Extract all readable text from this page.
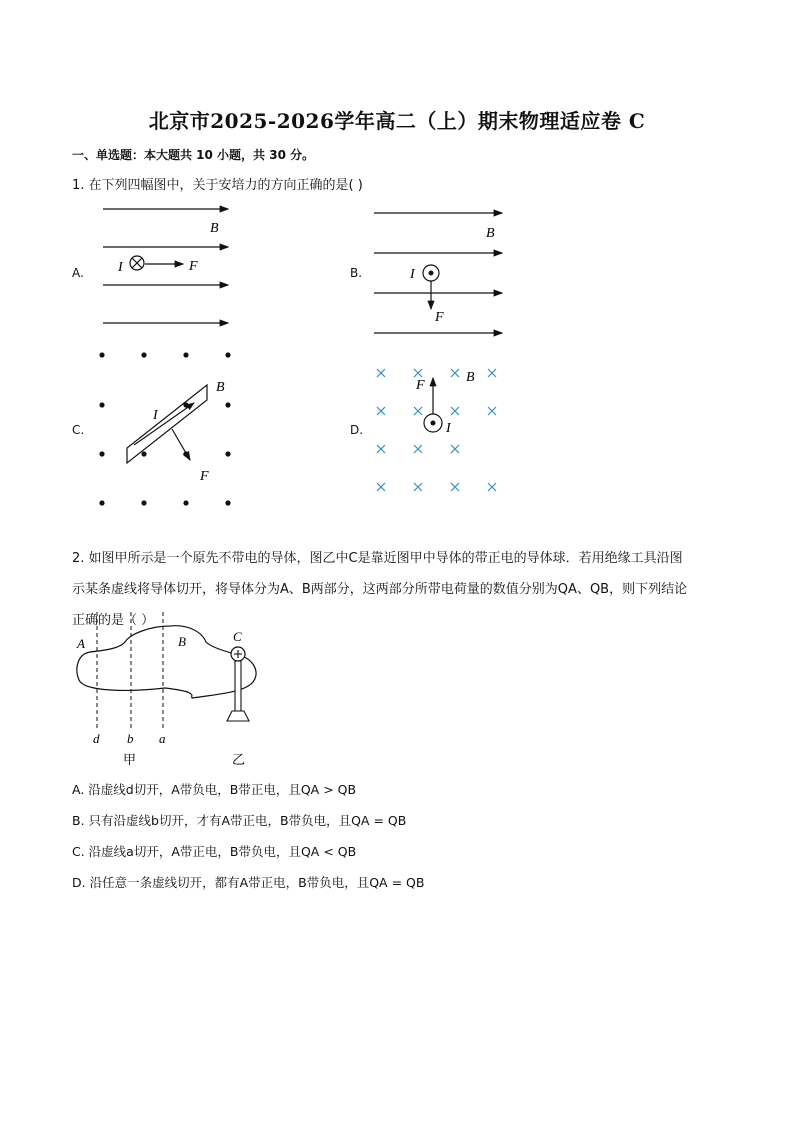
北京市2025-2026学年高二（上）期末物理适应卷 C
一、单选题：本大题共 10 小题，共 30 分。
1. 在下列四幅图中，关于安培力的方向正确的是( )
A.	B.
C.	D.
B
I	F
B
I
F
B
I
F
F
B
I
2. 如图甲所示是一个原先不带电的导体，图乙中C是靠近图甲中导体的带正电的导体球．若用绝缘工具沿图
示某条虚线将导体切开，将导体分为A、B两部分，这两部分所带电荷量的数值分别为QA、QB，则下列结论
正确的是（ ）
A	B
d b a
甲
C
乙
A. 沿虚线d切开，A带负电，B带正电，且QA > QB
B. 只有沿虚线b切开，才有A带正电，B带负电，且QA = QB
C. 沿虚线a切开，A带正电，B带负电，且QA < QB
D. 沿任意一条虚线切开，都有A带正电，B带负电，且QA = QB
